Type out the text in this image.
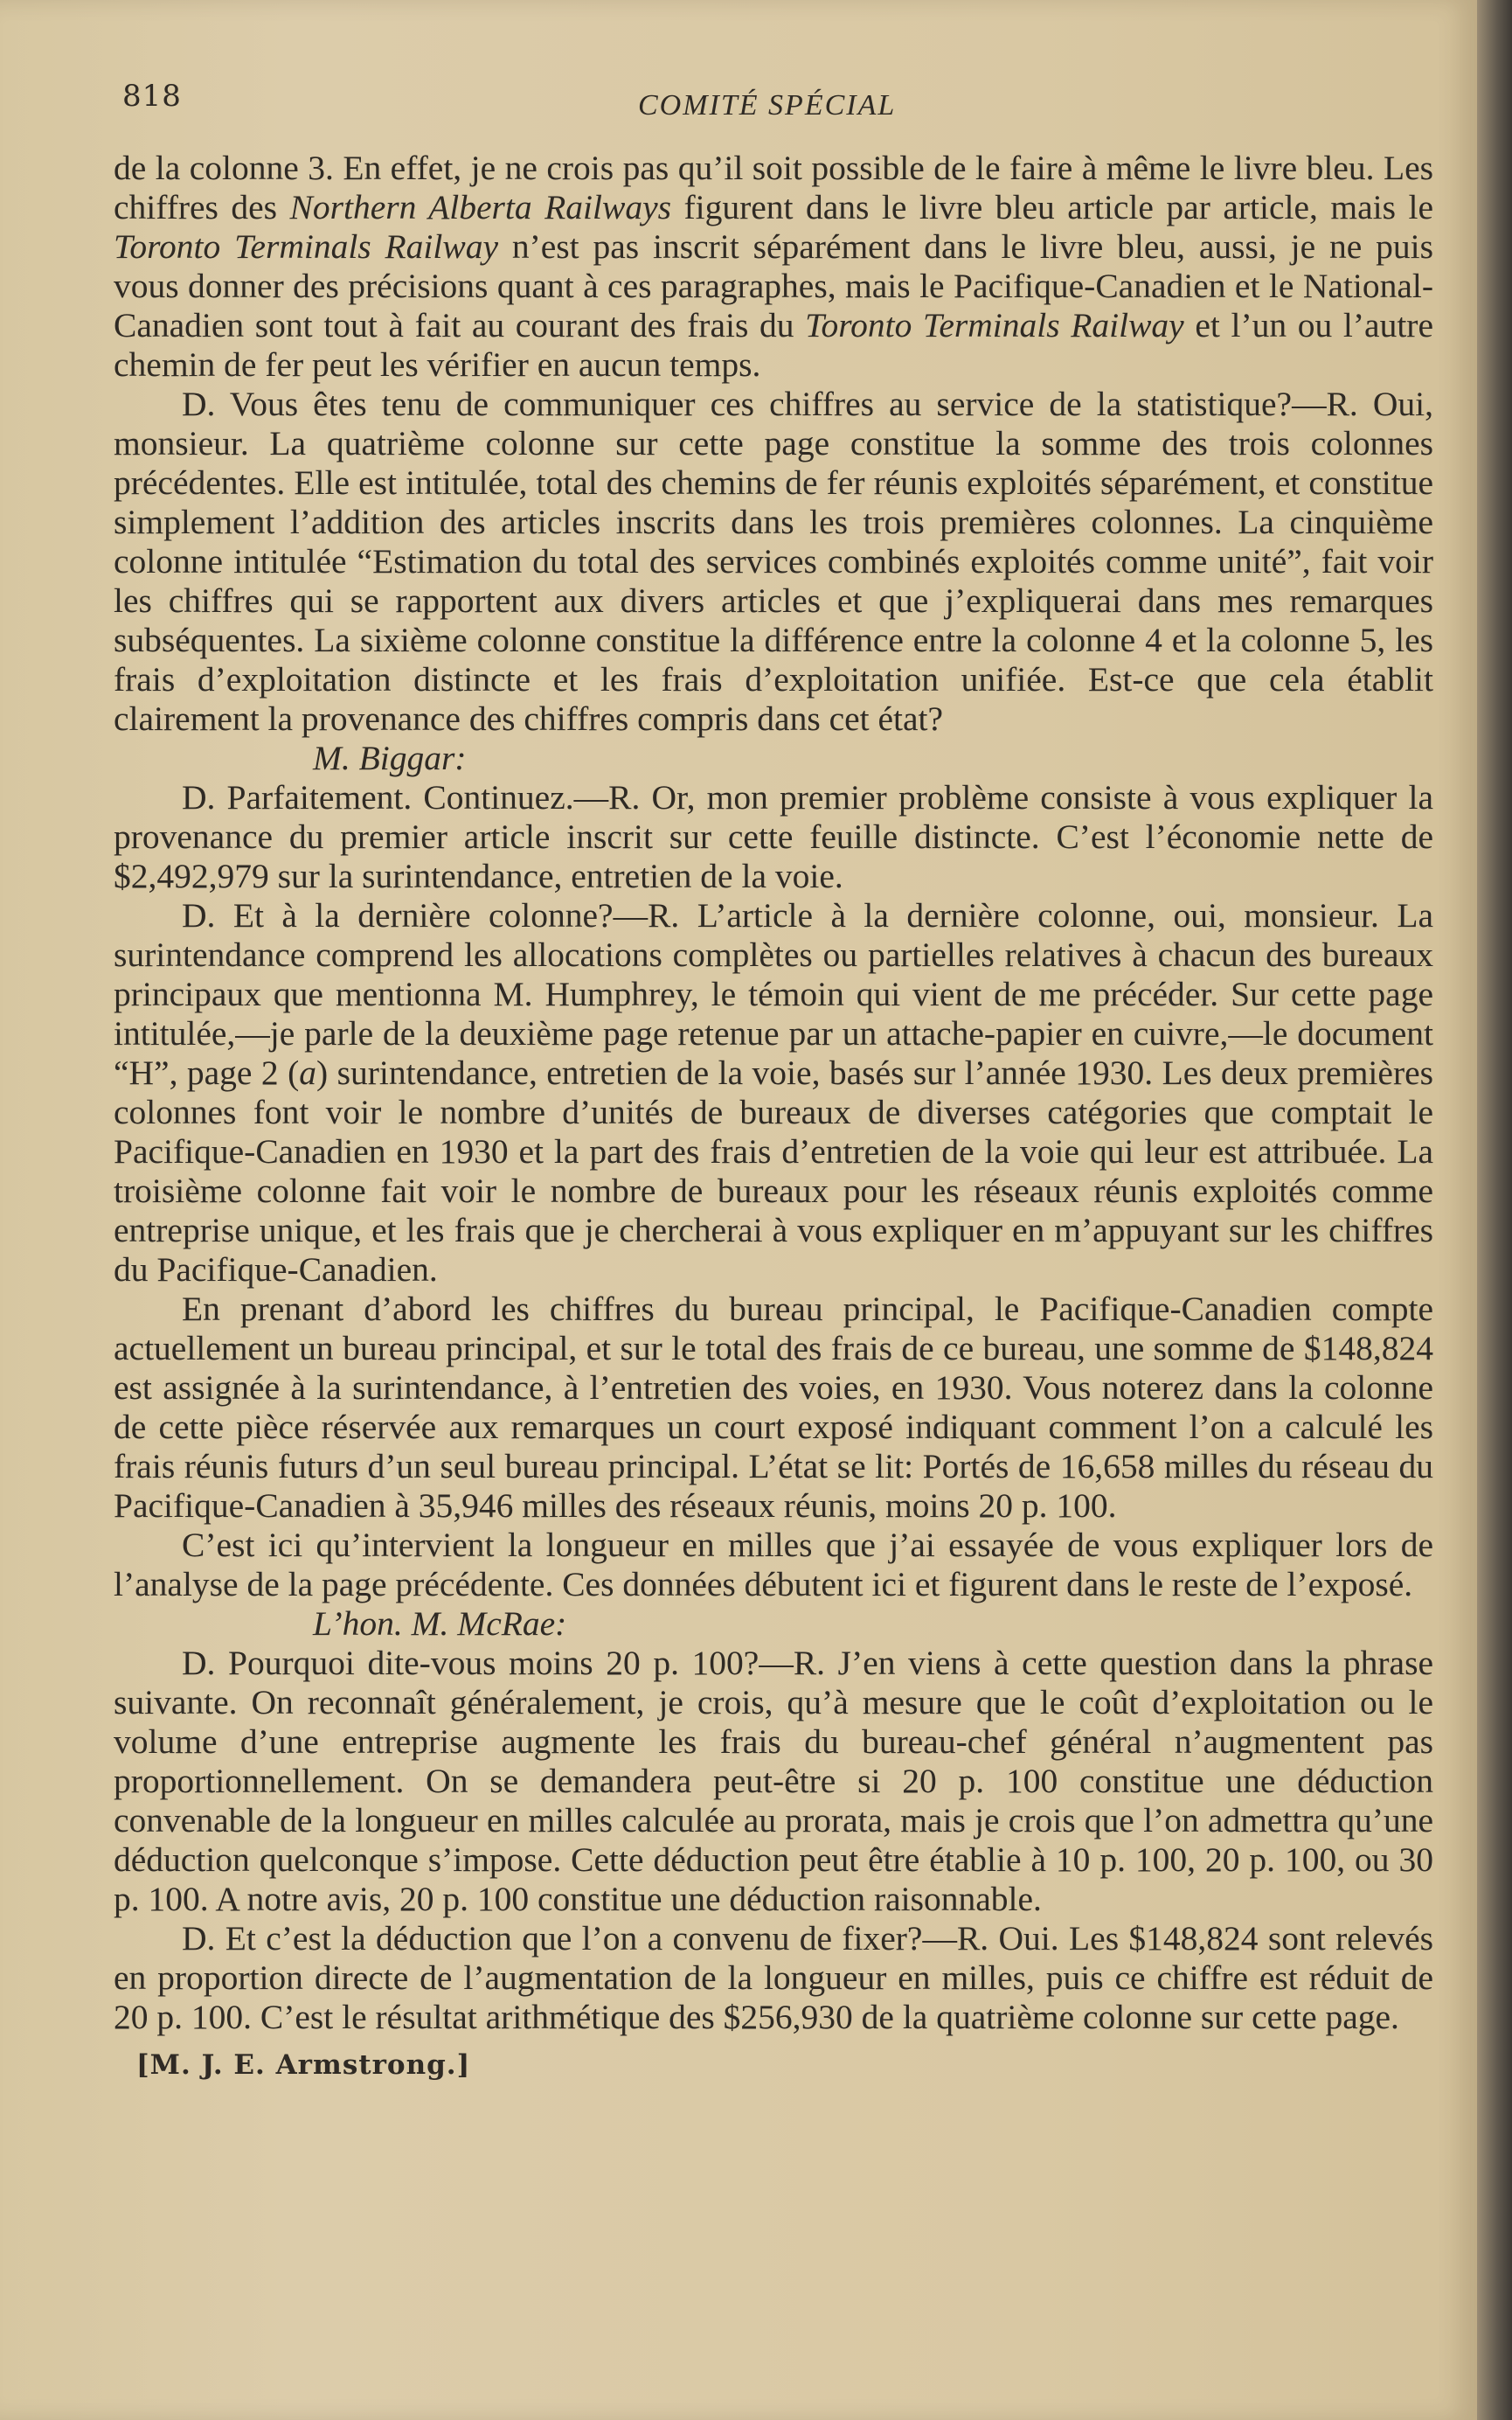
818	COMITÉ SPÉCIAL

de la colonne 3. En effet, je ne crois pas qu’il soit possible de le faire à même le livre bleu. Les chiffres des Northern Alberta Railways figurent dans le livre bleu article par article, mais le Toronto Terminals Railway n’est pas inscrit séparément dans le livre bleu, aussi, je ne puis vous donner des précisions quant à ces paragraphes, mais le Pacifique-Canadien et le National-Canadien sont tout à fait au courant des frais du Toronto Terminals Railway et l’un ou l’autre chemin de fer peut les vérifier en aucun temps.

D. Vous êtes tenu de communiquer ces chiffres au service de la statistique?—R. Oui, monsieur. La quatrième colonne sur cette page constitue la somme des trois colonnes précédentes. Elle est intitulée, total des chemins de fer réunis exploités séparément, et constitue simplement l’addition des articles inscrits dans les trois premières colonnes. La cinquième colonne intitulée “Estimation du total des services combinés exploités comme unité”, fait voir les chiffres qui se rapportent aux divers articles et que j’expliquerai dans mes remarques subséquentes. La sixième colonne constitue la différence entre la colonne 4 et la colonne 5, les frais d’exploitation distincte et les frais d’exploitation unifiée. Est-ce que cela établit clairement la provenance des chiffres compris dans cet état?

M. Biggar:

D. Parfaitement. Continuez.—R. Or, mon premier problème consiste à vous expliquer la provenance du premier article inscrit sur cette feuille distincte. C’est l’économie nette de $2,492,979 sur la surintendance, entretien de la voie.

D. Et à la dernière colonne?—R. L’article à la dernière colonne, oui, monsieur. La surintendance comprend les allocations complètes ou partielles relatives à chacun des bureaux principaux que mentionna M. Humphrey, le témoin qui vient de me précéder. Sur cette page intitulée,—je parle de la deuxième page retenue par un attache-papier en cuivre,—le document “H”, page 2 (a) surintendance, entretien de la voie, basés sur l’année 1930. Les deux premières colonnes font voir le nombre d’unités de bureaux de diverses catégories que comptait le Pacifique-Canadien en 1930 et la part des frais d’entretien de la voie qui leur est attribuée. La troisième colonne fait voir le nombre de bureaux pour les réseaux réunis exploités comme entreprise unique, et les frais que je chercherai à vous expliquer en m’appuyant sur les chiffres du Pacifique-Canadien.

En prenant d’abord les chiffres du bureau principal, le Pacifique-Canadien compte actuellement un bureau principal, et sur le total des frais de ce bureau, une somme de $148,824 est assignée à la surintendance, à l’entretien des voies, en 1930. Vous noterez dans la colonne de cette pièce réservée aux remarques un court exposé indiquant comment l’on a calculé les frais réunis futurs d’un seul bureau principal. L’état se lit: Portés de 16,658 milles du réseau du Pacifique-Canadien à 35,946 milles des réseaux réunis, moins 20 p. 100.

C’est ici qu’intervient la longueur en milles que j’ai essayée de vous expliquer lors de l’analyse de la page précédente. Ces données débutent ici et figurent dans le reste de l’exposé.

L’hon. M. McRae:

D. Pourquoi dite-vous moins 20 p. 100?—R. J’en viens à cette question dans la phrase suivante. On reconnaît généralement, je crois, qu’à mesure que le coût d’exploitation ou le volume d’une entreprise augmente les frais du bureau-chef général n’augmentent pas proportionnellement. On se demandera peut-être si 20 p. 100 constitue une déduction convenable de la longueur en milles calculée au prorata, mais je crois que l’on admettra qu’une déduction quelconque s’impose. Cette déduction peut être établie à 10 p. 100, 20 p. 100, ou 30 p. 100. A notre avis, 20 p. 100 constitue une déduction raisonnable.

D. Et c’est la déduction que l’on a convenu de fixer?—R. Oui. Les $148,824 sont relevés en proportion directe de l’augmentation de la longueur en milles, puis ce chiffre est réduit de 20 p. 100. C’est le résultat arithmétique des $256,930 de la quatrième colonne sur cette page.

[M. J. E. Armstrong.]
